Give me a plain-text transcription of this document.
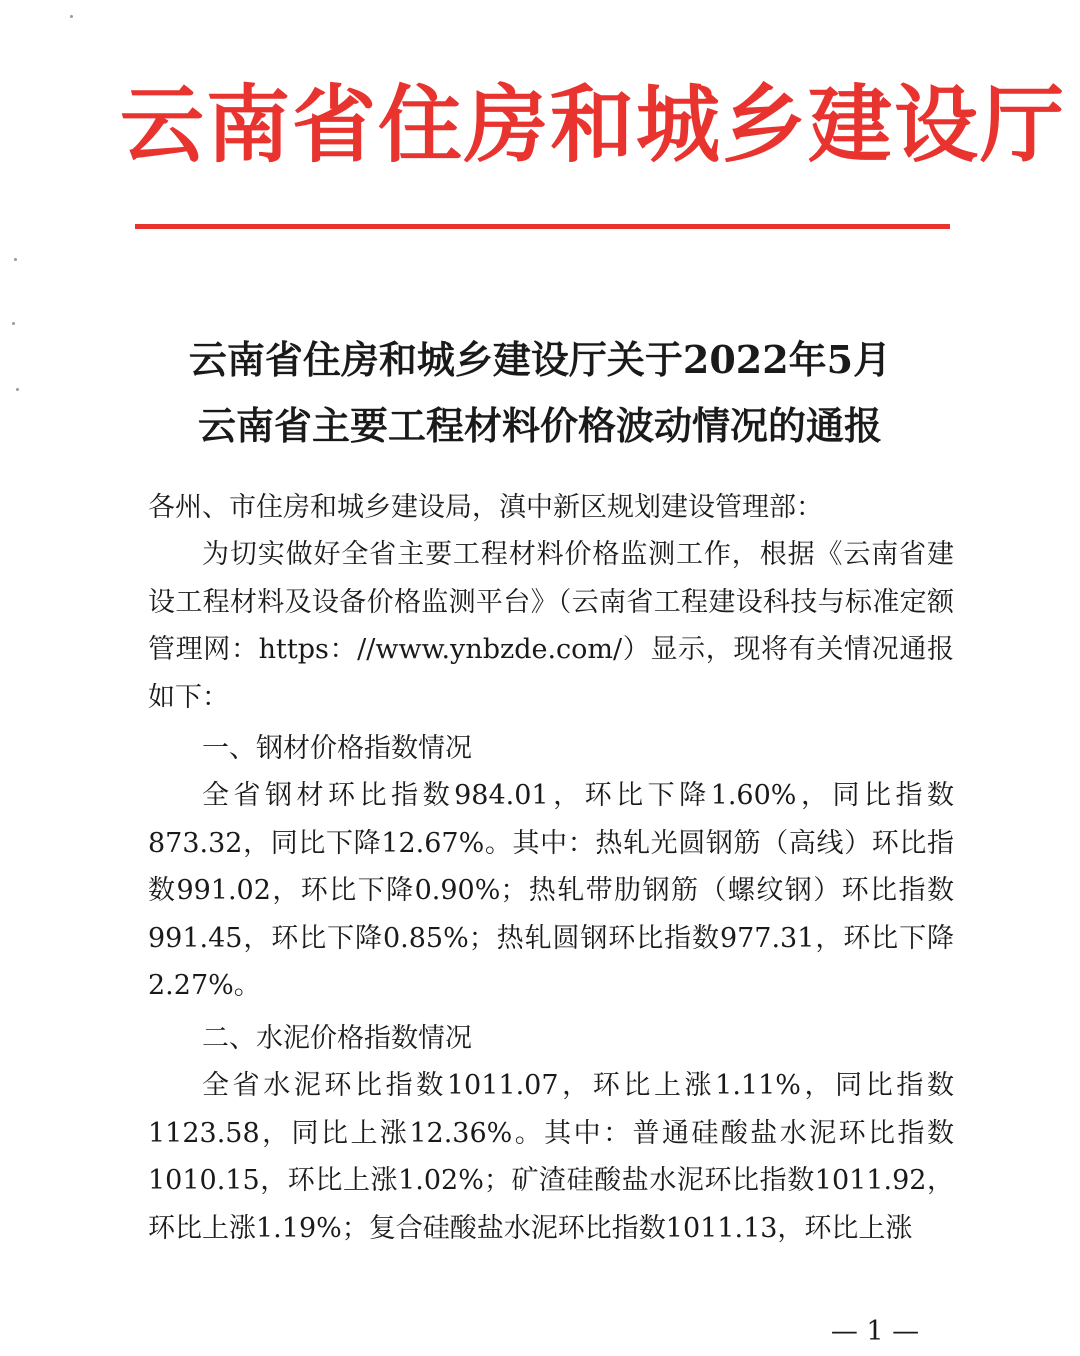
云南省住房和城乡建设厅
云南省住房和城乡建设厅关于2022年5月
云南省主要工程材料价格波动情况的通报
各州、市住房和城乡建设局，滇中新区规划建设管理部：
为切实做好全省主要工程材料价格监测工作，根据《云南省建设工程材料及设备价格监测平台》（云南省工程建设科技与标准定额管理网：https：//www.ynbzde.com/）显示，现将有关情况通报如下：
一、钢材价格指数情况
全省钢材环比指数984.01，环比下降1.60%，同比指数873.32，同比下降12.67%。其中：热轧光圆钢筋（高线）环比指数991.02，环比下降0.90%；热轧带肋钢筋（螺纹钢）环比指数991.45，环比下降0.85%；热轧圆钢环比指数977.31，环比下降2.27%。
二、水泥价格指数情况
全省水泥环比指数1011.07，环比上涨1.11%，同比指数1123.58，同比上涨12.36%。其中：普通硅酸盐水泥环比指数1010.15，环比上涨1.02%；矿渣硅酸盐水泥环比指数1011.92，环比上涨1.19%；复合硅酸盐水泥环比指数1011.13，环比上涨
— 1 —
